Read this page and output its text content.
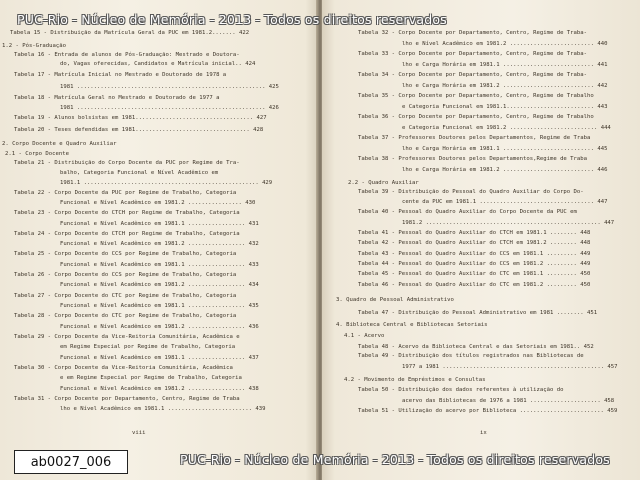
Tabela 15 - Distribuição da Matrícula Geral da PUC em 1981.2....... 422
1.2 - Pós-Graduação
Tabela 16 - Entrada de alunos de Pós-Graduação: Mestrado e Doutora-
do, Vagas oferecidas, Candidatos e Matrícula inicial.. 424
Tabela 17 - Matrícula Inicial no Mestrado e Doutorado de 1978 a
1981 ........................................................ 425
Tabela 18 - Matrícula Geral no Mestrado e Doutorado de 1977 a
1981 ........................................................ 426
Tabela 19 - Alunos bolsistas em 1981................................... 427
Tabela 20 - Teses defendidas em 1981.................................. 428
2. Corpo Docente e Quadro Auxiliar
2.1 - Corpo Docente
Tabela 21 - Distribuição do Corpo Docente da PUC por Regime de Tra-
balho, Categoria Funcional e Nível Acadêmico em
1981.1 .................................................... 429
Tabela 22 - Corpo Docente da PUC por Regime de Trabalho, Categoria
Funcional e Nível Acadêmico em 1981.2 ................ 430
Tabela 23 - Corpo Docente do CTCH por Regime de Trabalho, Categoria
Funcional e Nível Acadêmico em 1981.1 ................. 431
Tabela 24 - Corpo Docente do CTCH por Regime de Trabalho, Categoria
Funcional e Nível Acadêmico em 1981.2 ................. 432
Tabela 25 - Corpo Docente do CCS por Regime de Trabalho, Categoria
Funcional e Nível Acadêmico em 1981.1 ................. 433
Tabela 26 - Corpo Docente do CCS por Regime de Trabalho, Categoria
Funcional e Nível Acadêmico em 1981.2 ................. 434
Tabela 27 - Corpo Docente do CTC por Regime de Trabalho, Categoria
Funcional e Nível Acadêmico em 1981.1 ................. 435
Tabela 28 - Corpo Docente do CTC por Regime de Trabalho, Categoria
Funcional e Nível Acadêmico em 1981.2 ................. 436
Tabela 29 - Corpo Docente da Vice-Reitoria Comunitária, Acadêmica e
em Regime Especial por Regime de Trabalho, Categoria
Funcional e Nível Acadêmico em 1981.1 ................. 437
Tabela 30 - Corpo Docente da Vice-Reitoria Comunitária, Acadêmica
e em Regime Especial por Regime de Trabalho, Categoria
Funcional e Nível Acadêmico em 1981.2 ................. 438
Tabela 31 - Corpo Docente por Departamento, Centro, Regime de Traba
lho e Nível Acadêmico em 1981.1 ......................... 439
viii
Tabela 32 - Corpo Docente por Departamento, Centro, Regime de Traba-
lho e Nível Acadêmico em 1981.2 ......................... 440
Tabela 33 - Corpo Docente por Departamento, Centro, Regime de Traba-
lho e Carga Horária em 1981.1 ........................... 441
Tabela 34 - Corpo Docente por Departamento, Centro, Regime de Traba-
lho e Carga Horária em 1981.2 ........................... 442
Tabela 35 - Corpo Docente por Departamento, Centro, Regime de Trabalho
e Categoria Funcional em 1981.1.......................... 443
Tabela 36 - Corpo Docente por Departamento, Centro, Regime de Trabalho
e Categoria Funcional em 1981.2 .......................... 444
Tabela 37 - Professores Doutores pelos Departamentos, Regime de Traba
lho e Carga Horária em 1981.1 ........................... 445
Tabela 38 - Professores Doutores pelos Departamentos,Regime de Traba
lho e Carga Horária em 1981.2 ........................... 446
2.2 - Quadro Auxiliar
Tabela 39 - Distribuição do Pessoal do Quadro Auxiliar do Corpo Do-
cente da PUC em 1981.1 .................................. 447
Tabela 40 - Pessoal do Quadro Auxiliar do Corpo Docente da PUC em
1981.2 .................................................... 447
Tabela 41 - Pessoal do Quadro Auxiliar do CTCH em 1981.1 ........ 448
Tabela 42 - Pessoal do Quadro Auxiliar do CTCH em 1981.2 ........ 448
Tabela 43 - Pessoal do Quadro Auxiliar do CCS em 1981.1 ......... 449
Tabela 44 - Pessoal do Quadro Auxiliar do CCS em 1981.2 ......... 449
Tabela 45 - Pessoal do Quadro Auxiliar do CTC em 1981.1 ......... 450
Tabela 46 - Pessoal do Quadro Auxiliar do CTC em 1981.2 ......... 450
3. Quadro de Pessoal Administrativo
Tabela 47 - Distribuição do Pessoal Administrativo em 1981 ........ 451
4. Biblioteca Central e Bibliotecas Setoriais
4.1 - Acervo
Tabela 48 - Acervo da Biblioteca Central e das Setoriais em 1981.. 452
Tabela 49 - Distribuição dos títulos registrados nas Bibliotecas de
1977 a 1981 ................................................ 457
4.2 - Movimento de Empréstimos e Consultas
Tabela 50 - Distribuição dos dados referentes à utilização do
acervo das Bibliotecas de 1976 a 1981 ..................... 458
Tabela 51 - Utilização do acervo por Biblioteca ......................... 459
ix
PUC-Rio - Núcleo de Memória - 2013 - Todos os direitos reservados
PUC-Rio - Núcleo de Memória - 2013 - Todos os direitos reservados
ab0027_006
